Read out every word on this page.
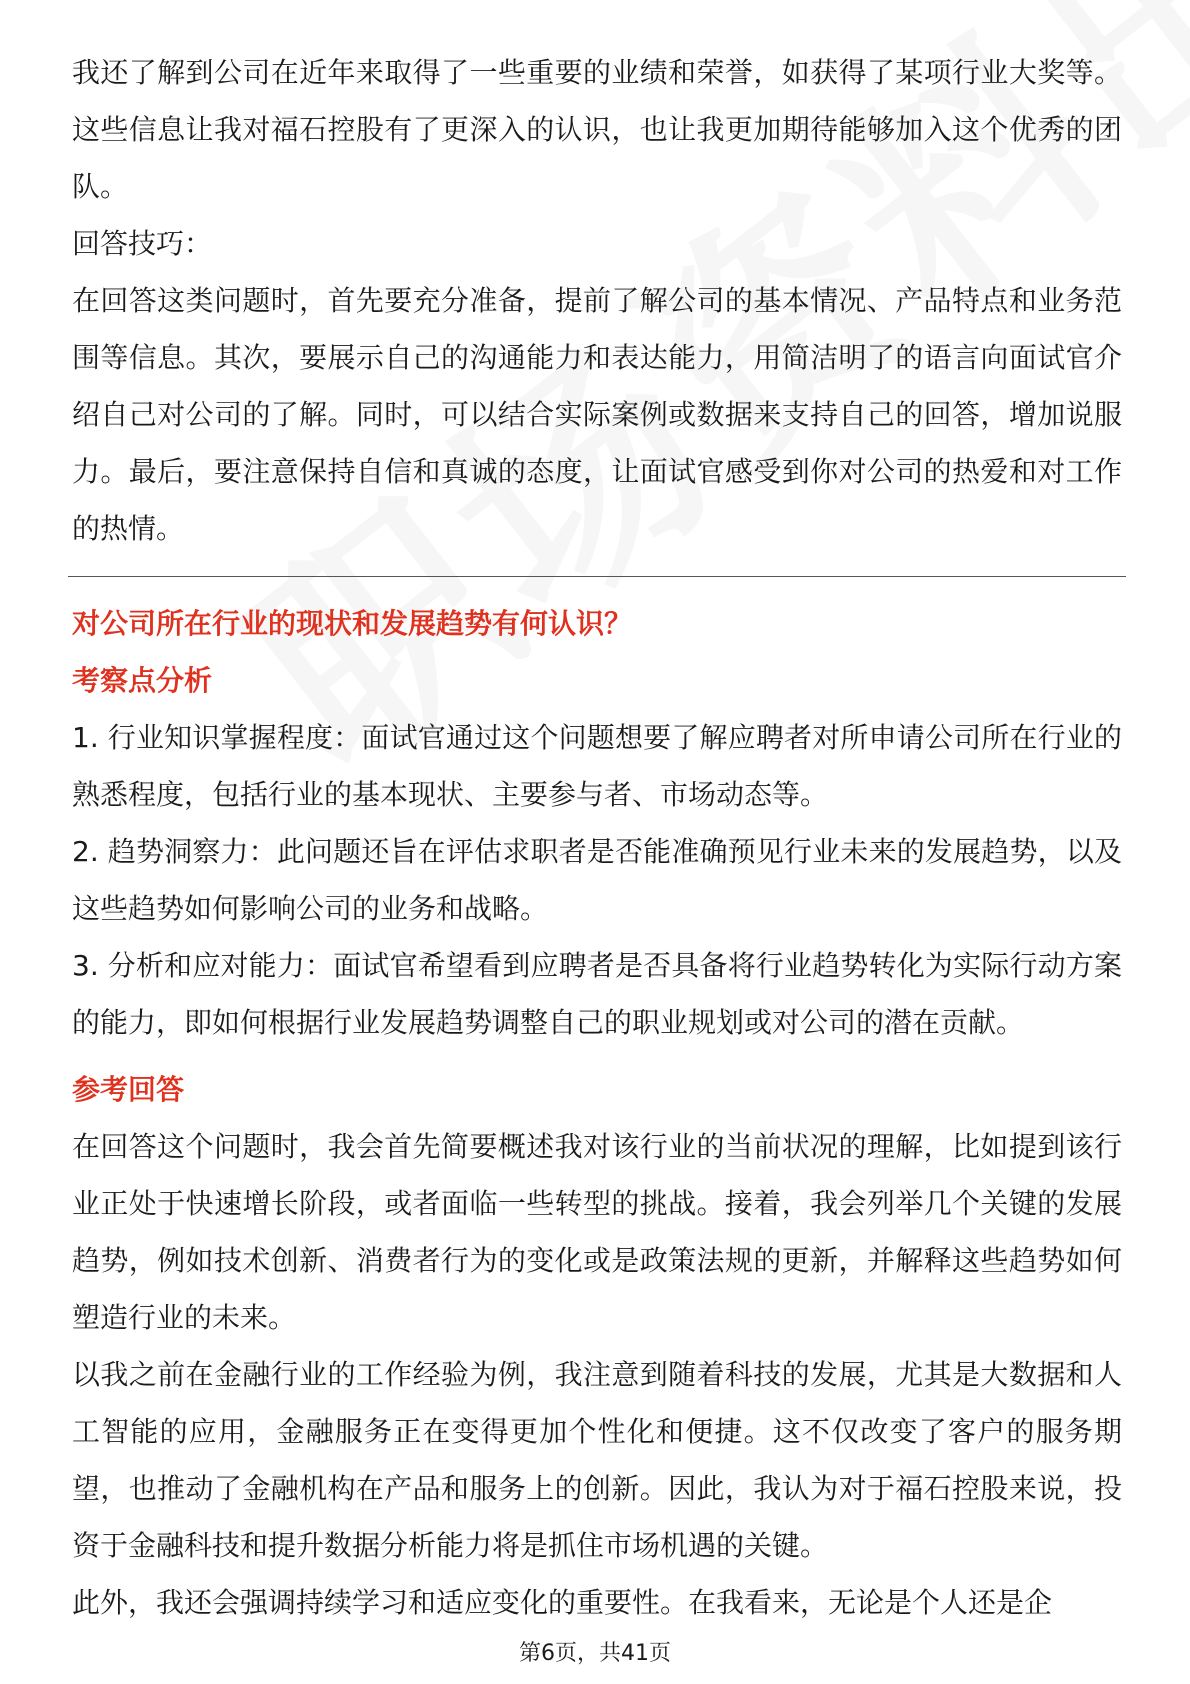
我还了解到公司在近年来取得了一些重要的业绩和荣誉，如获得了某项行业大奖等。这些信息让我对福石控股有了更深入的认识，也让我更加期待能够加入这个优秀的团队。

回答技巧：

在回答这类问题时，首先要充分准备，提前了解公司的基本情况、产品特点和业务范围等信息。其次，要展示自己的沟通能力和表达能力，用简洁明了的语言向面试官介绍自己对公司的了解。同时，可以结合实际案例或数据来支持自己的回答，增加说服力。最后，要注意保持自信和真诚的态度，让面试官感受到你对公司的热爱和对工作的热情。

对公司所在行业的现状和发展趋势有何认识？

考察点分析

1. 行业知识掌握程度：面试官通过这个问题想要了解应聘者对所申请公司所在行业的熟悉程度，包括行业的基本现状、主要参与者、市场动态等。

2. 趋势洞察力：此问题还旨在评估求职者是否能准确预见行业未来的发展趋势，以及这些趋势如何影响公司的业务和战略。

3. 分析和应对能力：面试官希望看到应聘者是否具备将行业趋势转化为实际行动方案的能力，即如何根据行业发展趋势调整自己的职业规划或对公司的潜在贡献。

参考回答

在回答这个问题时，我会首先简要概述我对该行业的当前状况的理解，比如提到该行业正处于快速增长阶段，或者面临一些转型的挑战。接着，我会列举几个关键的发展趋势，例如技术创新、消费者行为的变化或是政策法规的更新，并解释这些趋势如何塑造行业的未来。

以我之前在金融行业的工作经验为例，我注意到随着科技的发展，尤其是大数据和人工智能的应用，金融服务正在变得更加个性化和便捷。这不仅改变了客户的服务期望，也推动了金融机构在产品和服务上的创新。因此，我认为对于福石控股来说，投资于金融科技和提升数据分析能力将是抓住市场机遇的关键。

此外，我还会强调持续学习和适应变化的重要性。在我看来，无论是个人还是企

第6页，共41页
